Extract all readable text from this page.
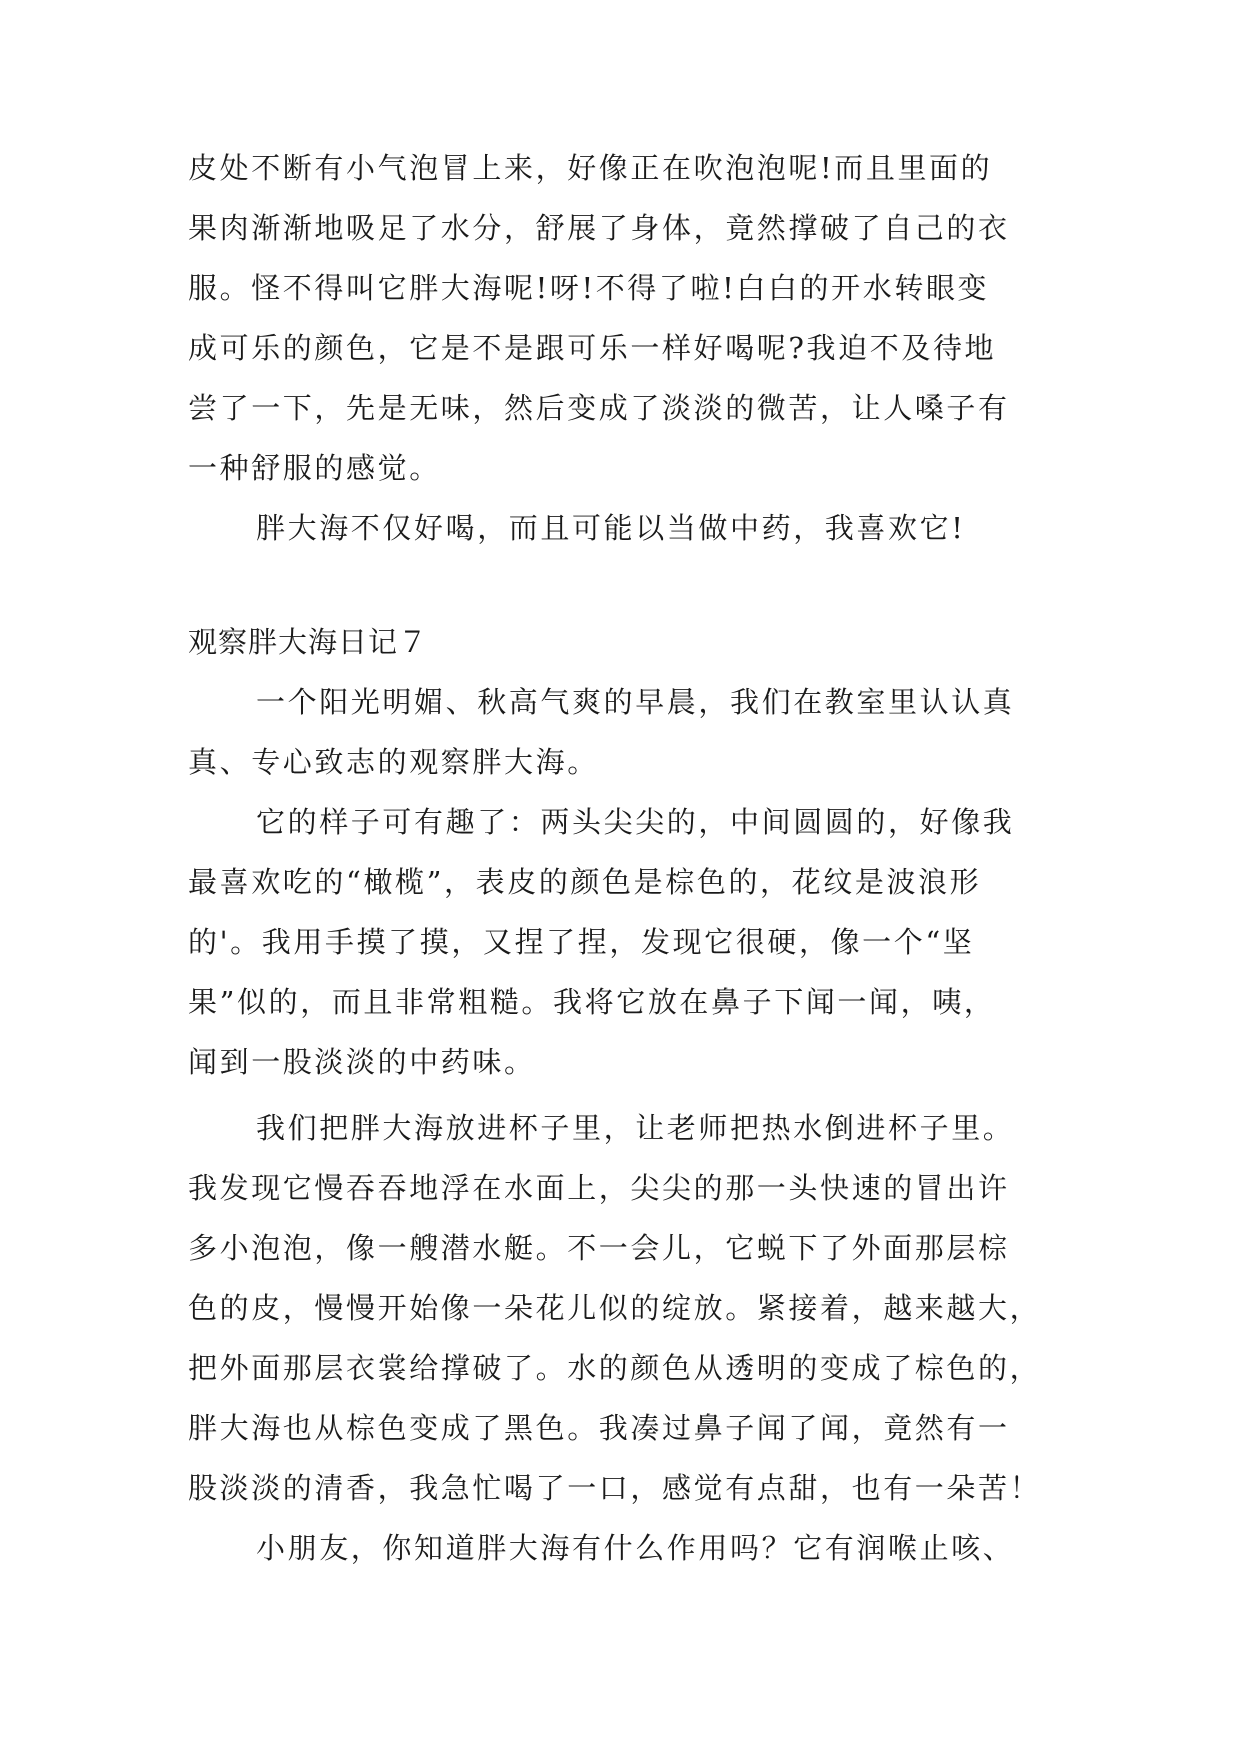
皮处不断有小气泡冒上来，好像正在吹泡泡呢!而且里面的
果肉渐渐地吸足了水分，舒展了身体，竟然撑破了自己的衣
服。怪不得叫它胖大海呢!呀!不得了啦!白白的开水转眼变
成可乐的颜色，它是不是跟可乐一样好喝呢?我迫不及待地
尝了一下，先是无味，然后变成了淡淡的微苦，让人嗓子有
一种舒服的感觉。
胖大海不仅好喝，而且可能以当做中药，我喜欢它!
观察胖大海日记７
一个阳光明媚、秋高气爽的早晨，我们在教室里认认真
真、专心致志的观察胖大海。
它的样子可有趣了：两头尖尖的，中间圆圆的，好像我
最喜欢吃的“橄榄”，表皮的颜色是棕色的，花纹是波浪形
的'。我用手摸了摸，又捏了捏，发现它很硬，像一个“坚
果”似的，而且非常粗糙。我将它放在鼻子下闻一闻，咦，
闻到一股淡淡的中药味。
我们把胖大海放进杯子里，让老师把热水倒进杯子里。
我发现它慢吞吞地浮在水面上，尖尖的那一头快速的冒出许
多小泡泡，像一艘潜水艇。不一会儿，它蜕下了外面那层棕
色的皮，慢慢开始像一朵花儿似的绽放。紧接着，越来越大，
把外面那层衣裳给撑破了。水的颜色从透明的变成了棕色的，
胖大海也从棕色变成了黑色。我凑过鼻子闻了闻，竟然有一
股淡淡的清香，我急忙喝了一口，感觉有点甜，也有一朵苦！
小朋友，你知道胖大海有什么作用吗？它有润喉止咳、
